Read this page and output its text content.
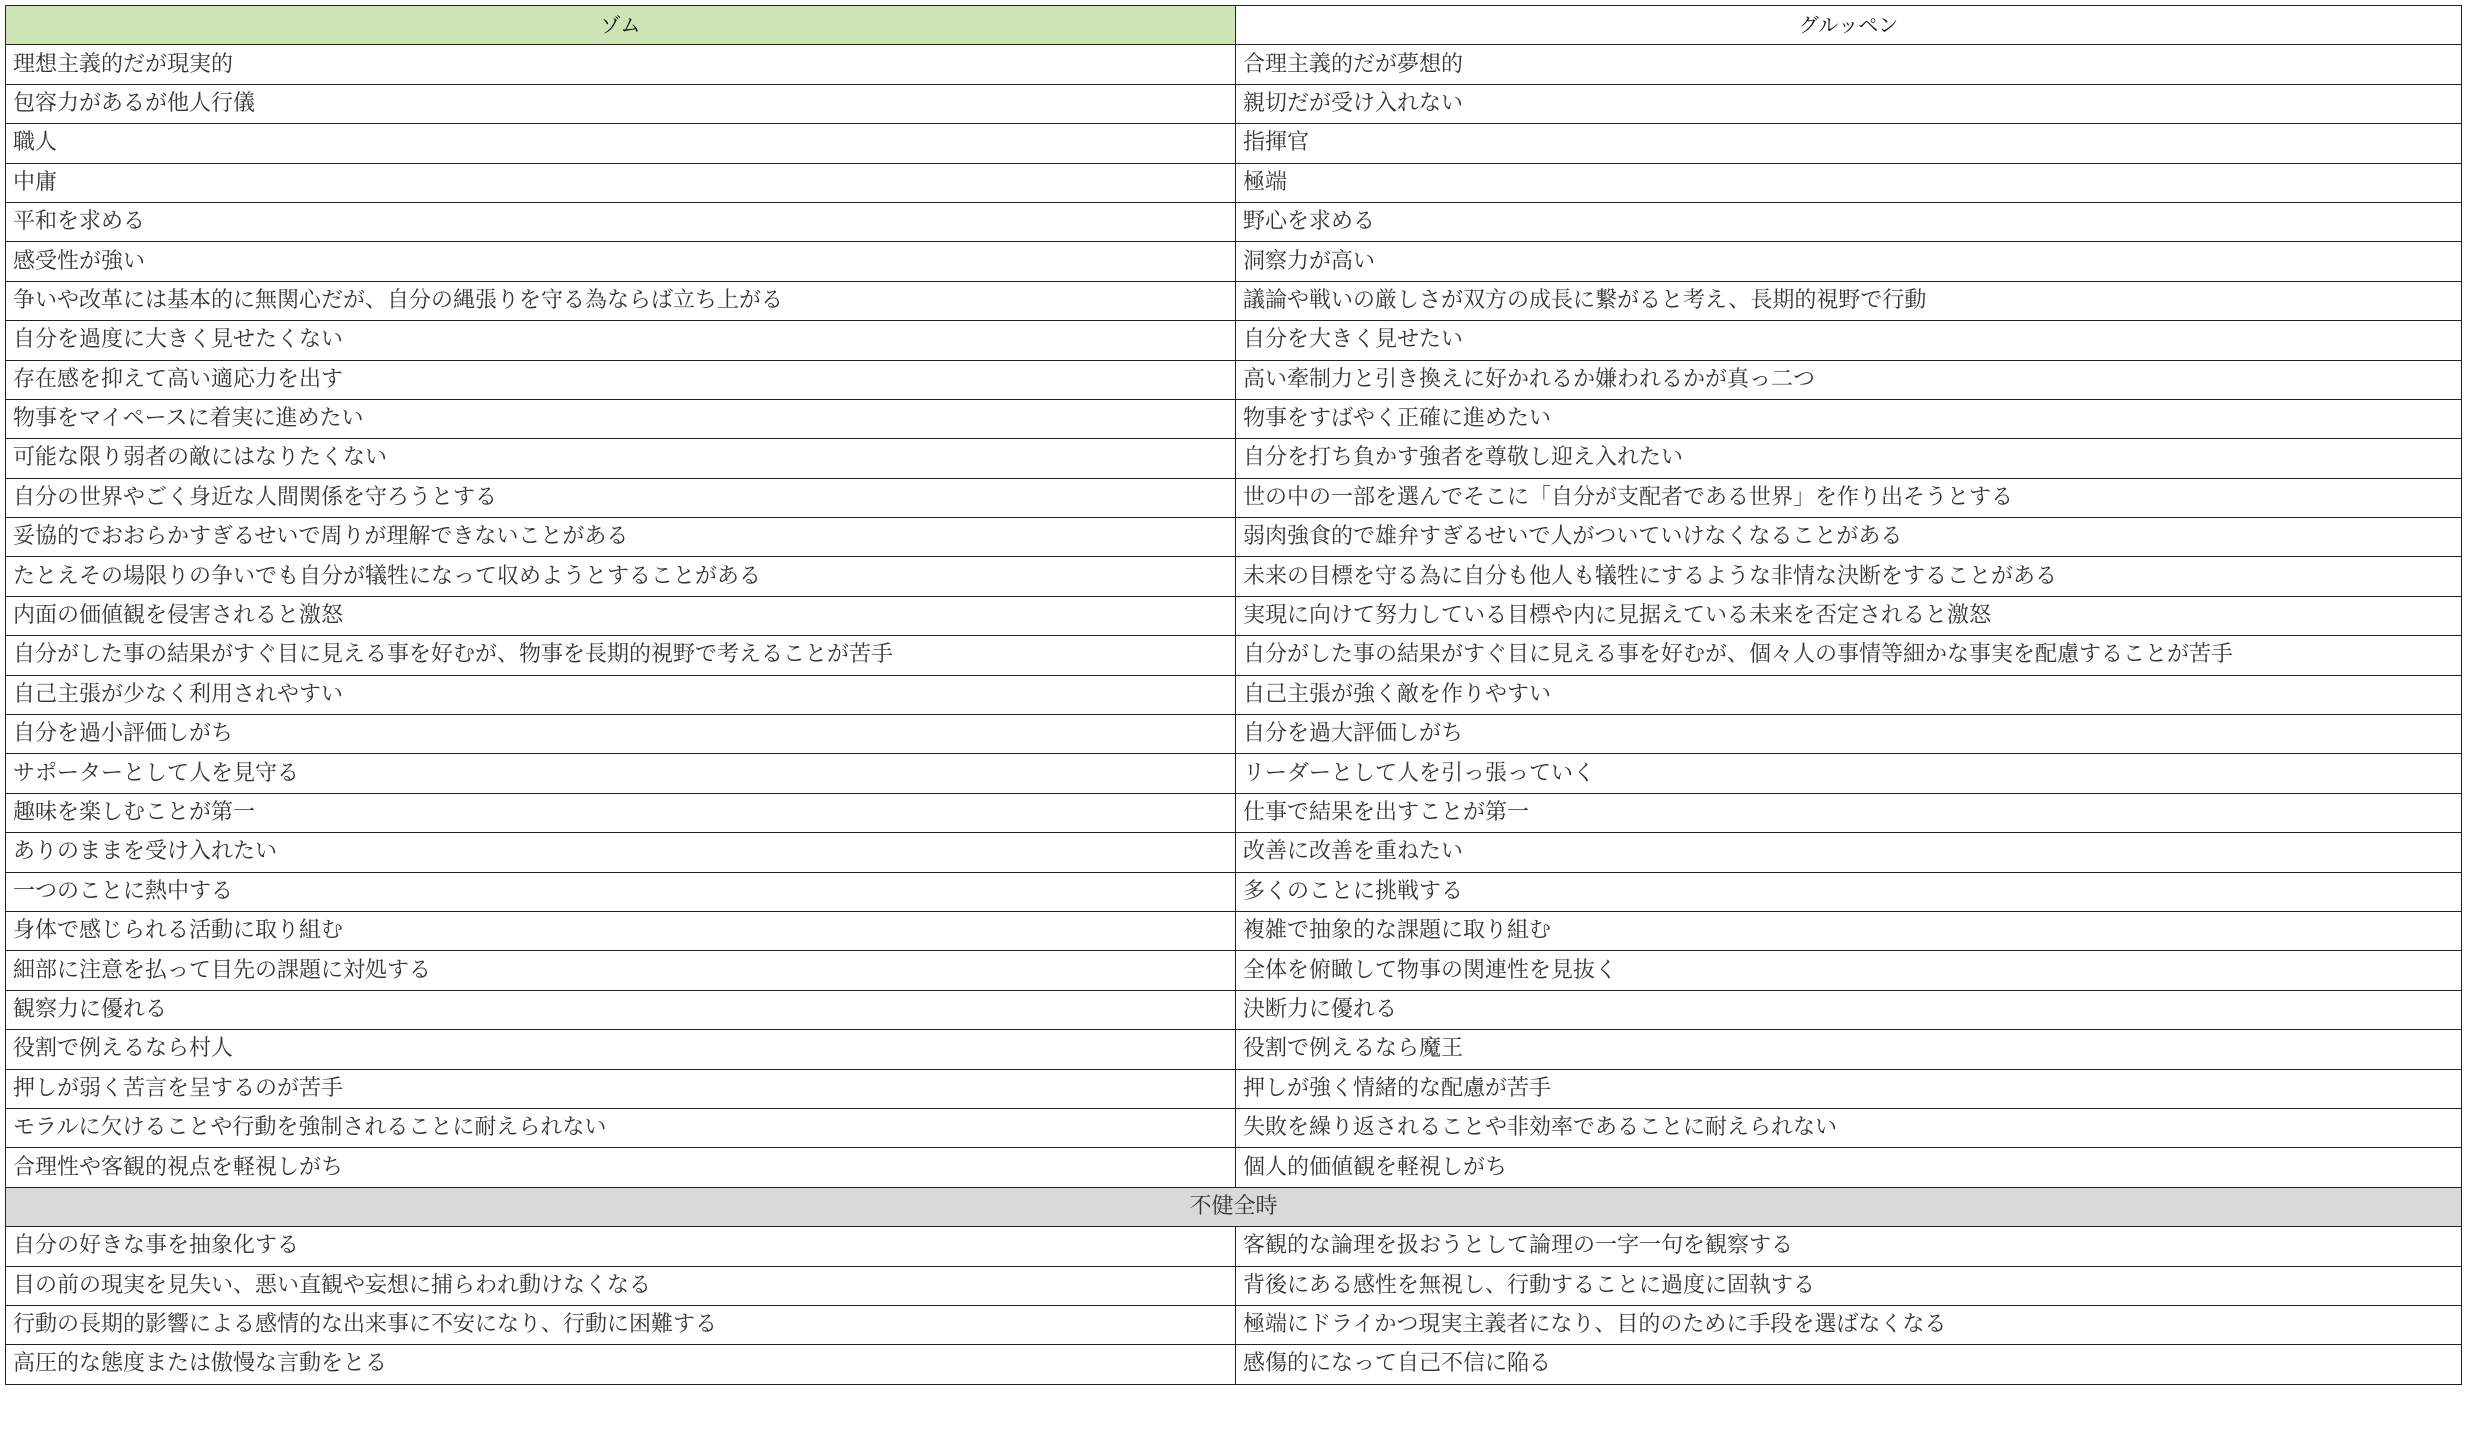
ゾム	グルッペン
理想主義的だが現実的	合理主義的だが夢想的
包容力があるが他人行儀	親切だが受け入れない
職人	指揮官
中庸	極端
平和を求める	野心を求める
感受性が強い	洞察力が高い
争いや改革には基本的に無関心だが、自分の縄張りを守る為ならば立ち上がる	議論や戦いの厳しさが双方の成長に繋がると考え、長期的視野で行動
自分を過度に大きく見せたくない	自分を大きく見せたい
存在感を抑えて高い適応力を出す	高い牽制力と引き換えに好かれるか嫌われるかが真っ二つ
物事をマイペースに着実に進めたい	物事をすばやく正確に進めたい
可能な限り弱者の敵にはなりたくない	自分を打ち負かす強者を尊敬し迎え入れたい
自分の世界やごく身近な人間関係を守ろうとする	世の中の一部を選んでそこに「自分が支配者である世界」を作り出そうとする
妥協的でおおらかすぎるせいで周りが理解できないことがある	弱肉強食的で雄弁すぎるせいで人がついていけなくなることがある
たとえその場限りの争いでも自分が犠牲になって収めようとすることがある	未来の目標を守る為に自分も他人も犠牲にするような非情な決断をすることがある
内面の価値観を侵害されると激怒	実現に向けて努力している目標や内に見据えている未来を否定されると激怒
自分がした事の結果がすぐ目に見える事を好むが、物事を長期的視野で考えることが苦手	自分がした事の結果がすぐ目に見える事を好むが、個々人の事情等細かな事実を配慮することが苦手
自己主張が少なく利用されやすい	自己主張が強く敵を作りやすい
自分を過小評価しがち	自分を過大評価しがち
サポーターとして人を見守る	リーダーとして人を引っ張っていく
趣味を楽しむことが第一	仕事で結果を出すことが第一
ありのままを受け入れたい	改善に改善を重ねたい
一つのことに熱中する	多くのことに挑戦する
身体で感じられる活動に取り組む	複雑で抽象的な課題に取り組む
細部に注意を払って目先の課題に対処する	全体を俯瞰して物事の関連性を見抜く
観察力に優れる	決断力に優れる
役割で例えるなら村人	役割で例えるなら魔王
押しが弱く苦言を呈するのが苦手	押しが強く情緒的な配慮が苦手
モラルに欠けることや行動を強制されることに耐えられない	失敗を繰り返されることや非効率であることに耐えられない
合理性や客観的視点を軽視しがち	個人的価値観を軽視しがち
不健全時	
自分の好きな事を抽象化する	客観的な論理を扱おうとして論理の一字一句を観察する
目の前の現実を見失い、悪い直観や妄想に捕らわれ動けなくなる	背後にある感性を無視し、行動することに過度に固執する
行動の長期的影響による感情的な出来事に不安になり、行動に困難する	極端にドライかつ現実主義者になり、目的のために手段を選ばなくなる
高圧的な態度または傲慢な言動をとる	感傷的になって自己不信に陥る
